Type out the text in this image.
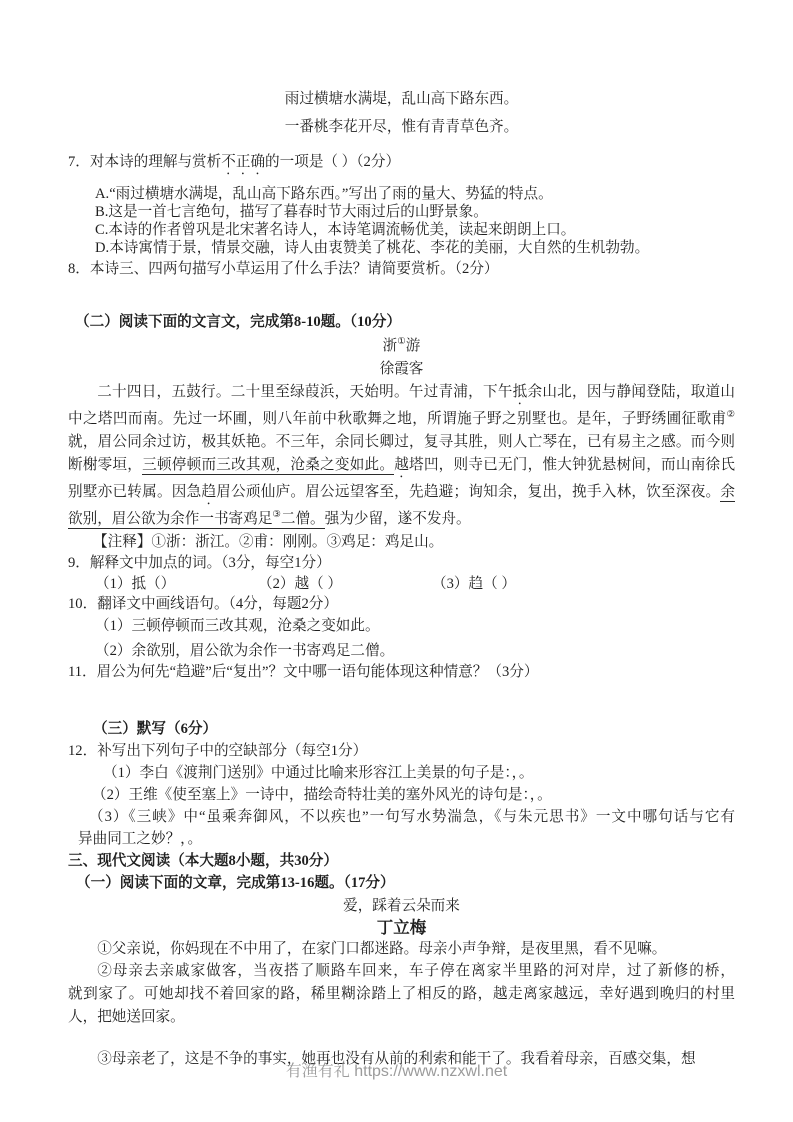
雨过横塘水满堤，乱山高下路东西。
一番桃李花开尽，惟有青青草色齐。
7．对本诗的理解与赏析不正确的一项是（ ）（2分）
A.“雨过横塘水满堤，乱山高下路东西。”写出了雨的量大、势猛的特点。
B.这是一首七言绝句，描写了暮春时节大雨过后的山野景象。
C.本诗的作者曾巩是北宋著名诗人，本诗笔调流畅优美，读起来朗朗上口。
D.本诗寓情于景，情景交融，诗人由衷赞美了桃花、李花的美丽，大自然的生机勃勃。
8．本诗三、四两句描写小草运用了什么手法？请简要赏析。（2分）
（二）阅读下面的文言文，完成第8-10题。（10分）
浙①游
徐霞客
二十四日，五鼓行。二十里至绿葭浜，天始明。午过青浦，下午抵余山北，因与静闻登陆，取道山
中之塔凹而南。先过一坏圃，则八年前中秋歌舞之地，所谓施子野之别墅也。是年，子野绣圃征歌甫②
就，眉公同余过访，极其妖艳。不三年，余同长卿过，复寻其胜，则人亡琴在，已有易主之感。而今则
断榭零垣，三顿停顿而三改其观，沧桑之变如此。越塔凹，则寺已无门，惟大钟犹悬树间，而山南徐氏
别墅亦已转属。因急趋眉公顽仙庐。眉公远望客至，先趋避；询知余，复出，挽手入林，饮至深夜。余
欲别，眉公欲为余作一书寄鸡足③二僧。强为少留，遂不发舟。
【注释】①浙：浙江。②甫：刚刚。③鸡足：鸡足山。
9．解释文中加点的词。（3分，每空1分）
（1）抵（）	（2）越（ ）	（3）趋（ ）
10．翻译文中画线语句。（4分，每题2分）
（1）三顿停顿而三改其观，沧桑之变如此。
（2）余欲别，眉公欲为余作一书寄鸡足二僧。
11．眉公为何先“趋避”后“复出”？文中哪一语句能体现这种情意？（3分）
（三）默写（6分）
12．补写出下列句子中的空缺部分（每空1分）
（1）李白《渡荆门送别》中通过比喻来形容江上美景的句子是：，。
（2）王维《使至塞上》一诗中，描绘奇特壮美的塞外风光的诗句是：，。
（3）《三峡》中“虽乘奔御风，不以疾也”一句写水势湍急，《与朱元思书》一文中哪句话与它有
异曲同工之妙？，。
三、现代文阅读（本大题8小题，共30分）
（一）阅读下面的文章，完成第13-16题。（17分）
爱，踩着云朵而来
丁立梅
①父亲说，你妈现在不中用了，在家门口都迷路。母亲小声争辩，是夜里黑，看不见嘛。
②母亲去亲戚家做客，当夜搭了顺路车回来，车子停在离家半里路的河对岸，过了新修的桥，
就到家了。可她却找不着回家的路，稀里糊涂踏上了相反的路，越走离家越远，幸好遇到晚归的村里
人，把她送回家。
③母亲老了，这是不争的事实，她再也没有从前的利索和能干了。我看着母亲，百感交集，想
有渔有礼 https://www.nzxwl.net
